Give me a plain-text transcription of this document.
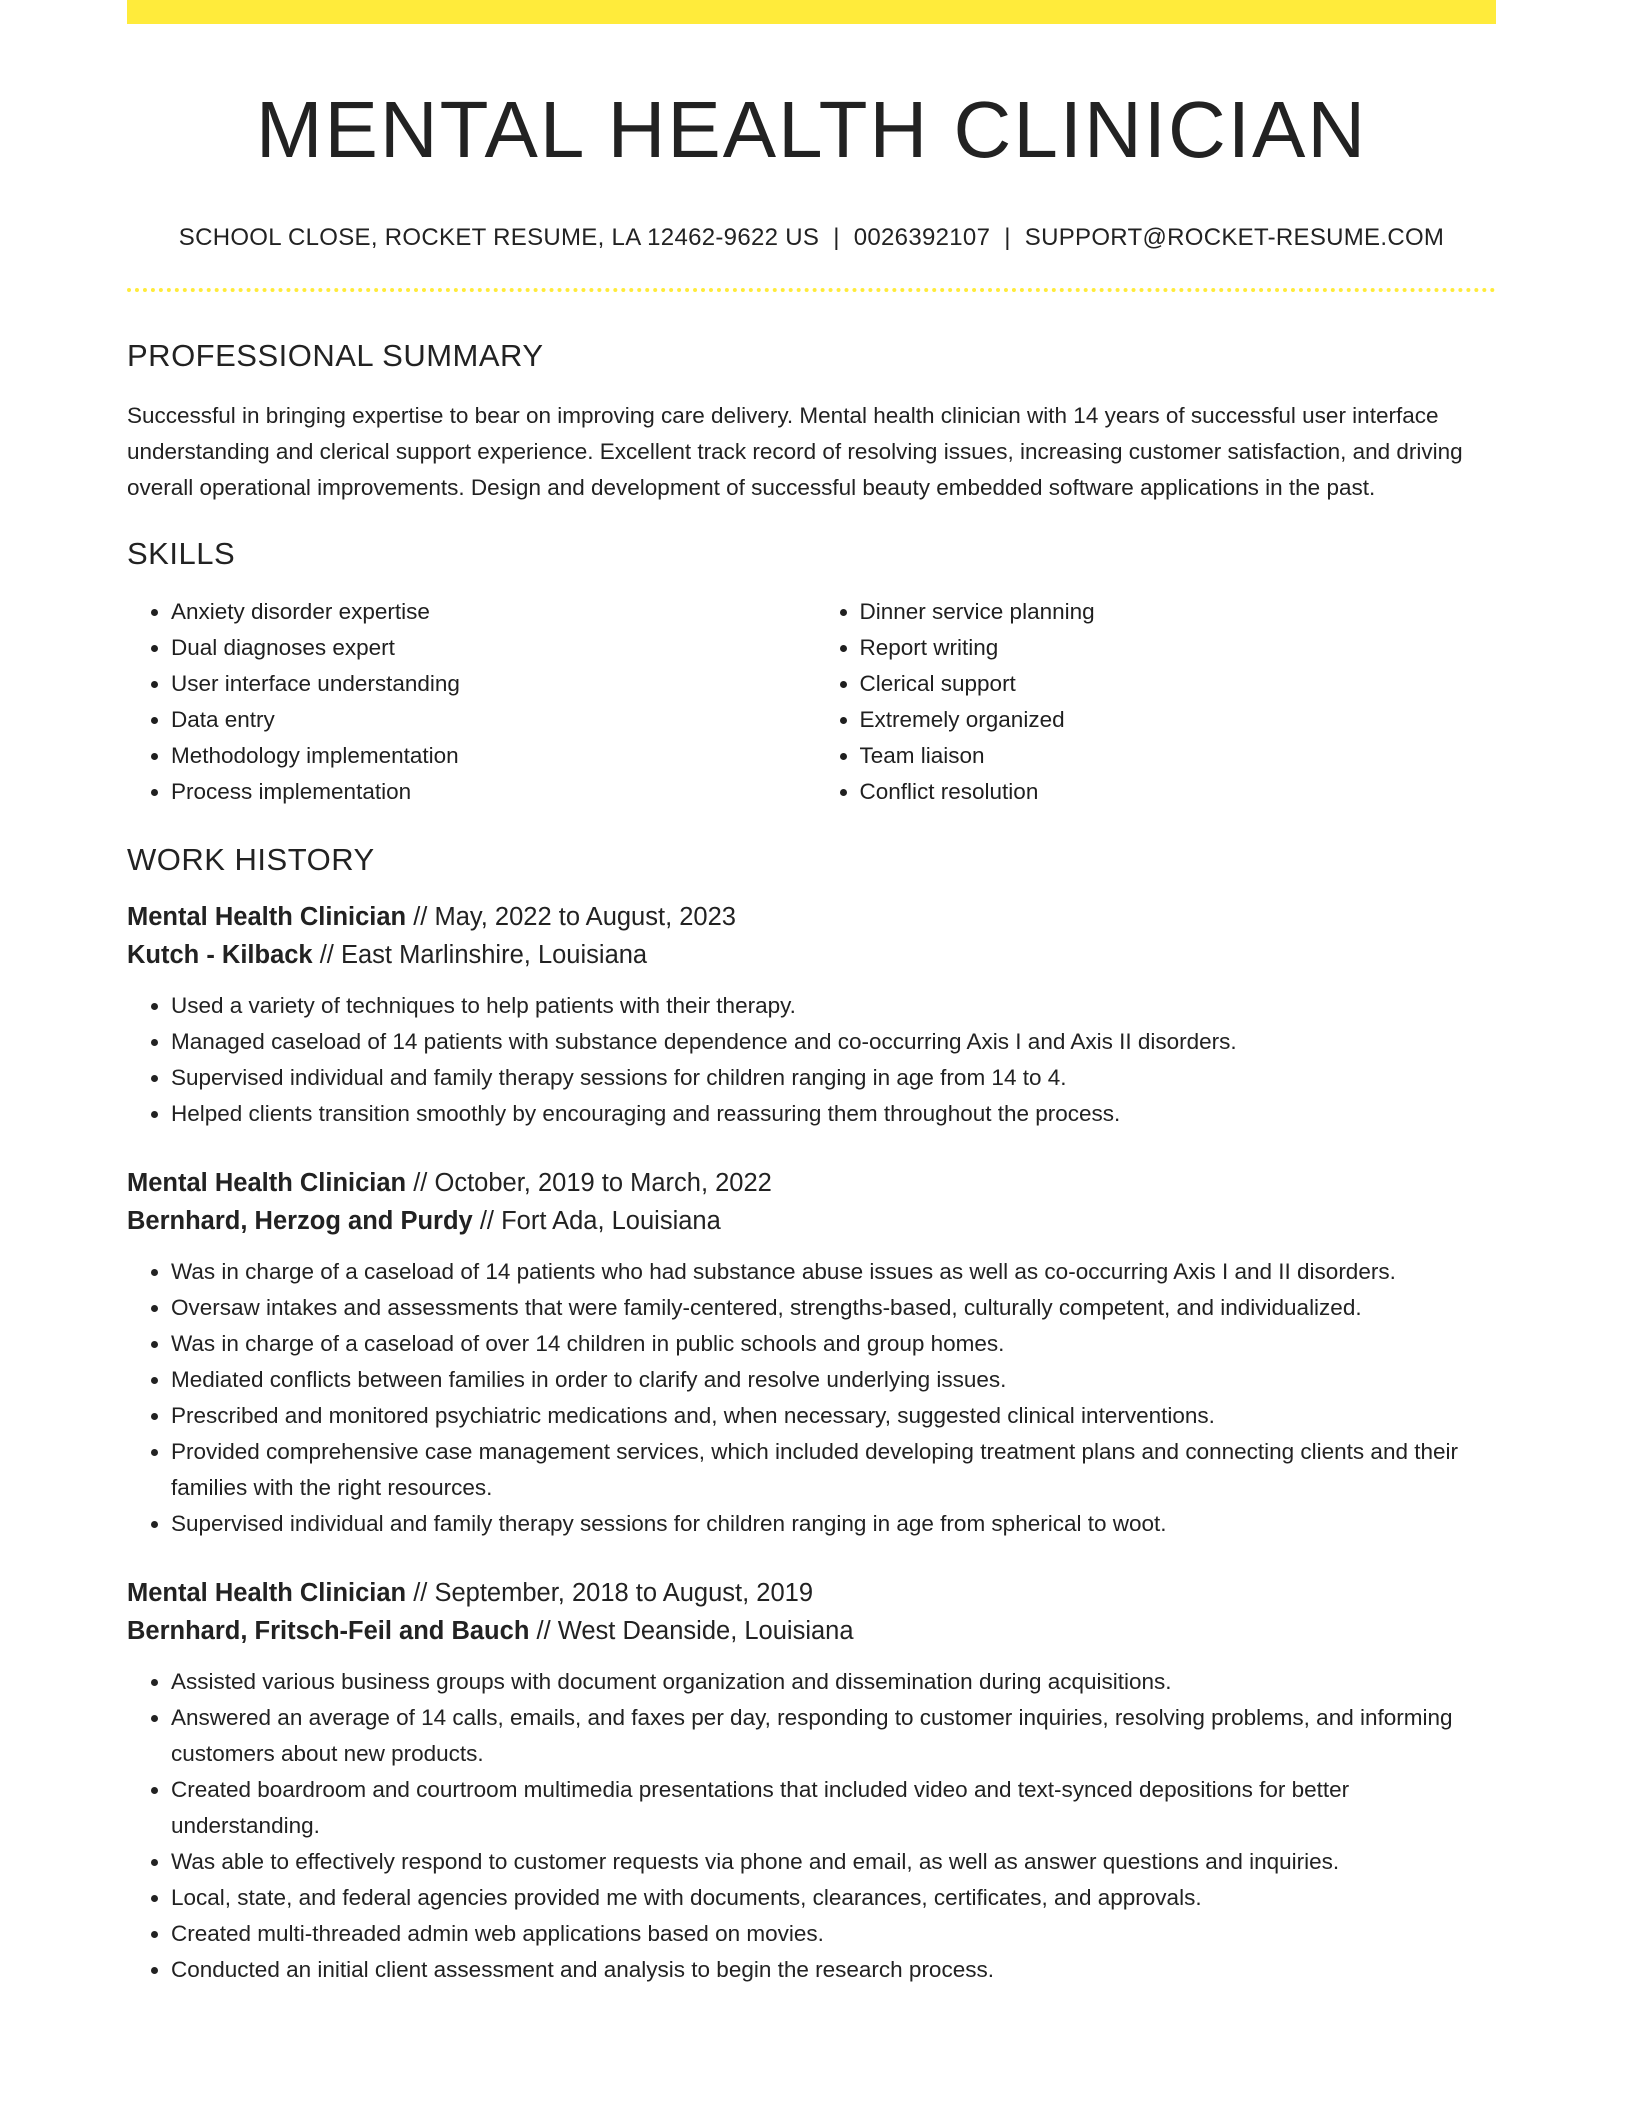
MENTAL HEALTH CLINICIAN
SCHOOL CLOSE, ROCKET RESUME, LA 12462-9622 US | 0026392107 | SUPPORT@ROCKET-RESUME.COM
PROFESSIONAL SUMMARY

Successful in bringing expertise to bear on improving care delivery. Mental health clinician with 14 years of successful user interface understanding and clerical support experience. Excellent track record of resolving issues, increasing customer satisfaction, and driving overall operational improvements. Design and development of successful beauty embedded software applications in the past.

SKILLS
• Anxiety disorder expertise
• Dual diagnoses expert
• User interface understanding
• Data entry
• Methodology implementation
• Process implementation
• Dinner service planning
• Report writing
• Clerical support
• Extremely organized
• Team liaison
• Conflict resolution
WORK HISTORY
Mental Health Clinician // May, 2022 to August, 2023
Kutch - Kilback // East Marlinshire, Louisiana
• Used a variety of techniques to help patients with their therapy.
• Managed caseload of 14 patients with substance dependence and co-occurring Axis I and Axis II disorders.
• Supervised individual and family therapy sessions for children ranging in age from 14 to 4.
• Helped clients transition smoothly by encouraging and reassuring them throughout the process.
Mental Health Clinician // October, 2019 to March, 2022
Bernhard, Herzog and Purdy // Fort Ada, Louisiana
• Was in charge of a caseload of 14 patients who had substance abuse issues as well as co-occurring Axis I and II disorders.
• Oversaw intakes and assessments that were family-centered, strengths-based, culturally competent, and individualized.
• Was in charge of a caseload of over 14 children in public schools and group homes.
• Mediated conflicts between families in order to clarify and resolve underlying issues.
• Prescribed and monitored psychiatric medications and, when necessary, suggested clinical interventions.
• Provided comprehensive case management services, which included developing treatment plans and connecting clients and their families with the right resources.
• Supervised individual and family therapy sessions for children ranging in age from spherical to woot.
Mental Health Clinician // September, 2018 to August, 2019
Bernhard, Fritsch-Feil and Bauch // West Deanside, Louisiana
• Assisted various business groups with document organization and dissemination during acquisitions.
• Answered an average of 14 calls, emails, and faxes per day, responding to customer inquiries, resolving problems, and informing customers about new products.
• Created boardroom and courtroom multimedia presentations that included video and text-synced depositions for better understanding.
• Was able to effectively respond to customer requests via phone and email, as well as answer questions and inquiries.
• Local, state, and federal agencies provided me with documents, clearances, certificates, and approvals.
• Created multi-threaded admin web applications based on movies.
• Conducted an initial client assessment and analysis to begin the research process.
